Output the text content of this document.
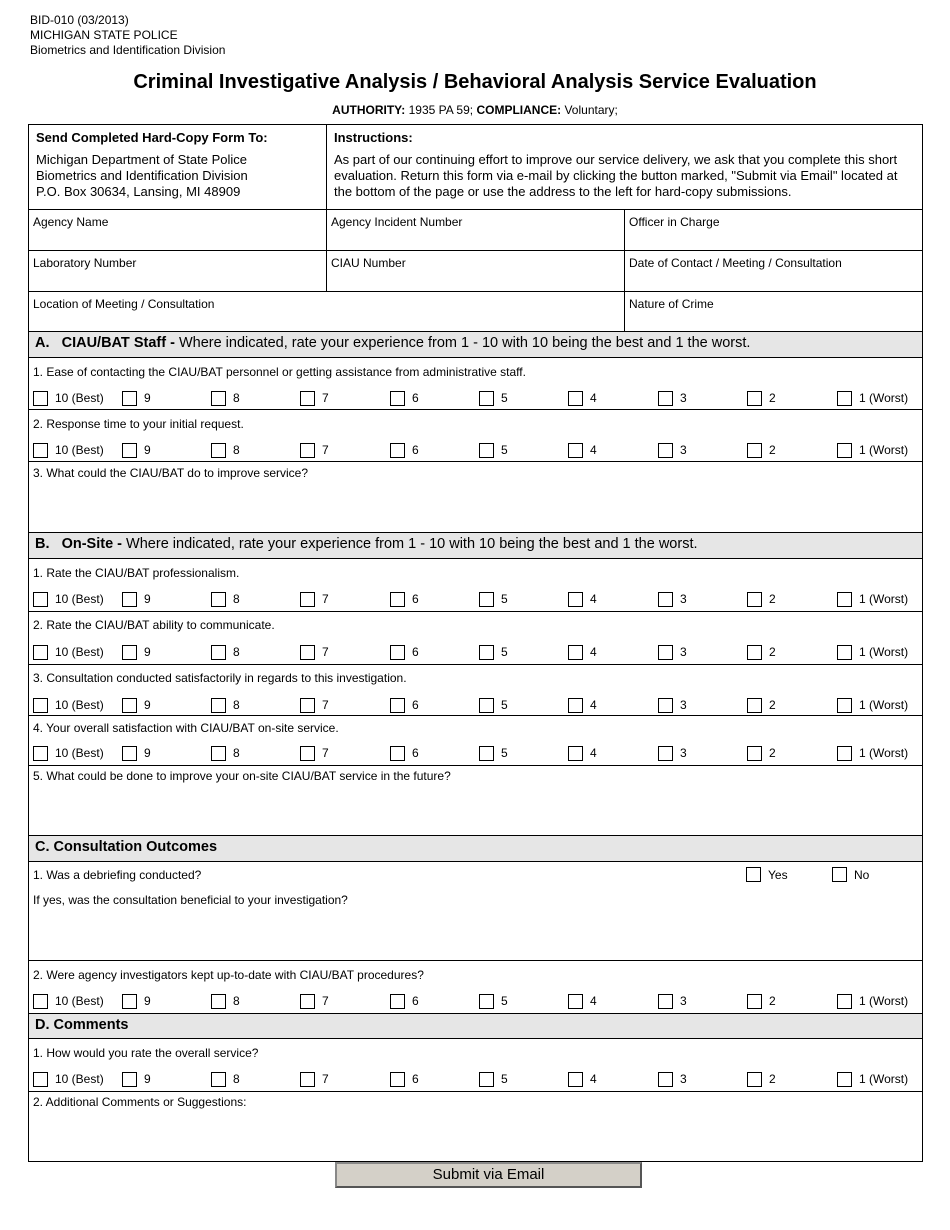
BID-010 (03/2013)
MICHIGAN STATE POLICE
Biometrics and Identification Division
Criminal Investigative Analysis / Behavioral Analysis Service Evaluation
AUTHORITY: 1935 PA 59; COMPLIANCE: Voluntary;
Send Completed Hard-Copy Form To:
Michigan Department of State Police
Biometrics and Identification Division
P.O. Box 30634, Lansing, MI 48909
Instructions:
As part of our continuing effort to improve our service delivery, we ask that you complete this short evaluation. Return this form via e-mail by clicking the button marked, "Submit via Email" located at the bottom of the page or use the address to the left for hard-copy submissions.
Agency Name	Agency Incident Number	Officer in Charge
Laboratory Number	CIAU Number	Date of Contact / Meeting / Consultation
Location of Meeting / Consultation	Nature of Crime
A. CIAU/BAT Staff - Where indicated, rate your experience from 1 - 10 with 10 being the best and 1 the worst.
1. Ease of contacting the CIAU/BAT personnel or getting assistance from administrative staff.
10 (Best)	9	8	7	6	5	4	3	2	1 (Worst)
2. Response time to your initial request.
10 (Best)	9	8	7	6	5	4	3	2	1 (Worst)
3. What could the CIAU/BAT do to improve service?
B. On-Site - Where indicated, rate your experience from 1 - 10 with 10 being the best and 1 the worst.
1. Rate the CIAU/BAT professionalism.
10 (Best)	9	8	7	6	5	4	3	2	1 (Worst)
2. Rate the CIAU/BAT ability to communicate.
10 (Best)	9	8	7	6	5	4	3	2	1 (Worst)
3. Consultation conducted satisfactorily in regards to this investigation.
10 (Best)	9	8	7	6	5	4	3	2	1 (Worst)
4. Your overall satisfaction with CIAU/BAT on-site service.
10 (Best)	9	8	7	6	5	4	3	2	1 (Worst)
5. What could be done to improve your on-site CIAU/BAT service in the future?
C. Consultation Outcomes
1. Was a debriefing conducted?	Yes	No
If yes, was the consultation beneficial to your investigation?
2. Were agency investigators kept up-to-date with CIAU/BAT procedures?
10 (Best)	9	8	7	6	5	4	3	2	1 (Worst)
D. Comments
1. How would you rate the overall service?
10 (Best)	9	8	7	6	5	4	3	2	1 (Worst)
2. Additional Comments or Suggestions:
Submit via Email
